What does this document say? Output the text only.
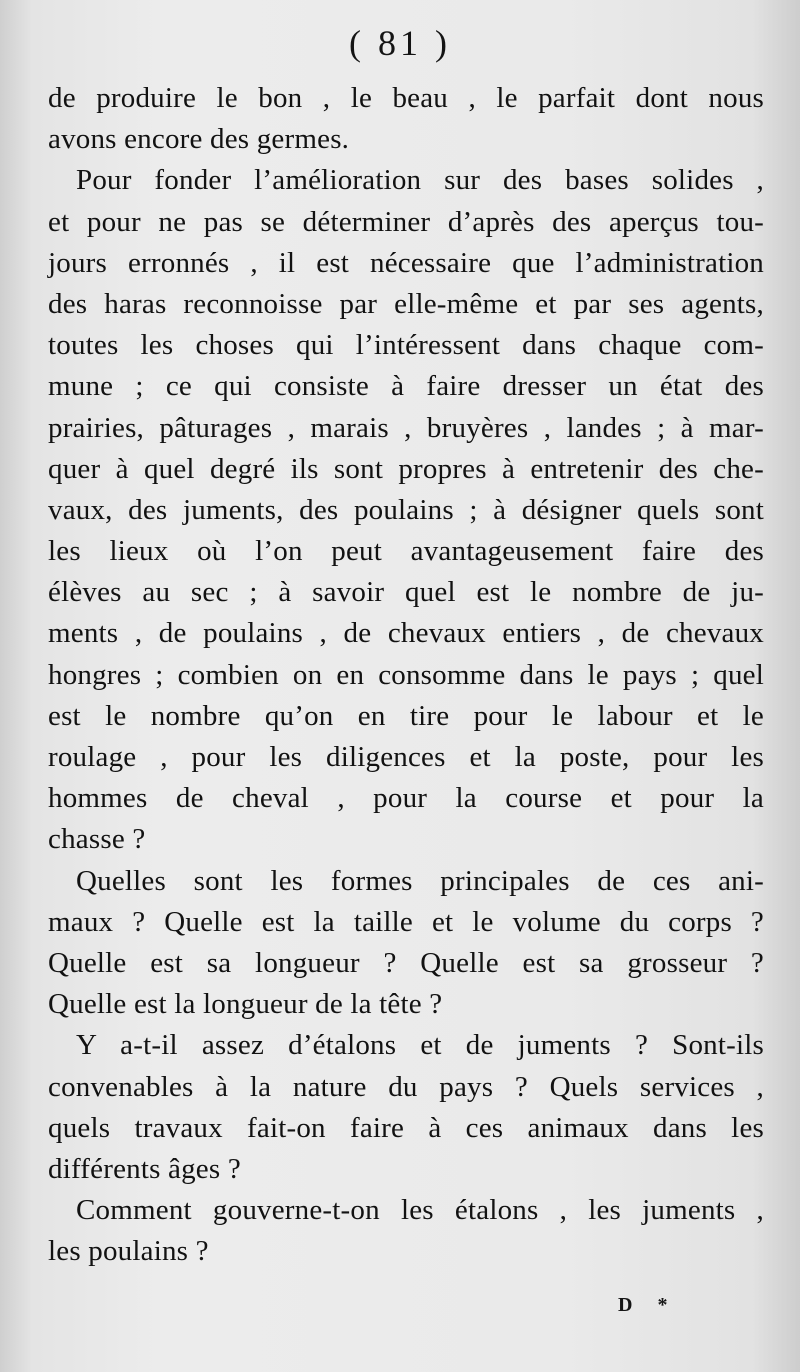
( 81 )
de produire le bon , le beau , le parfait dont nous
avons encore des germes.
Pour fonder l’amélioration sur des bases solides ,
et pour ne pas se déterminer d’après des aperçus tou-
jours erronnés , il est nécessaire que l’administration
des haras reconnoisse par elle-même et par ses agents,
toutes les choses qui l’intéressent dans chaque com-
mune ; ce qui consiste à faire dresser un état des
prairies, pâturages , marais , bruyères , landes ; à mar-
quer à quel degré ils sont propres à entretenir des che-
vaux, des juments, des poulains ; à désigner quels sont
les lieux où l’on peut avantageusement faire des
élèves au sec ; à savoir quel est le nombre de ju-
ments , de poulains , de chevaux entiers , de chevaux
hongres ; combien on en consomme dans le pays ; quel
est le nombre qu’on en tire pour le labour et le
roulage , pour les diligences et la poste, pour les
hommes de cheval , pour la course et pour la
chasse ?
Quelles sont les formes principales de ces ani-
maux ? Quelle est la taille et le volume du corps ?
Quelle est sa longueur ? Quelle est sa grosseur ?
Quelle est la longueur de la tête ?
Y a-t-il assez d’étalons et de juments ? Sont-ils
convenables à la nature du pays ? Quels services ,
quels travaux fait-on faire à ces animaux dans les
différents âges ?
Comment gouverne-t-on les étalons , les juments ,
les poulains ?
D *
